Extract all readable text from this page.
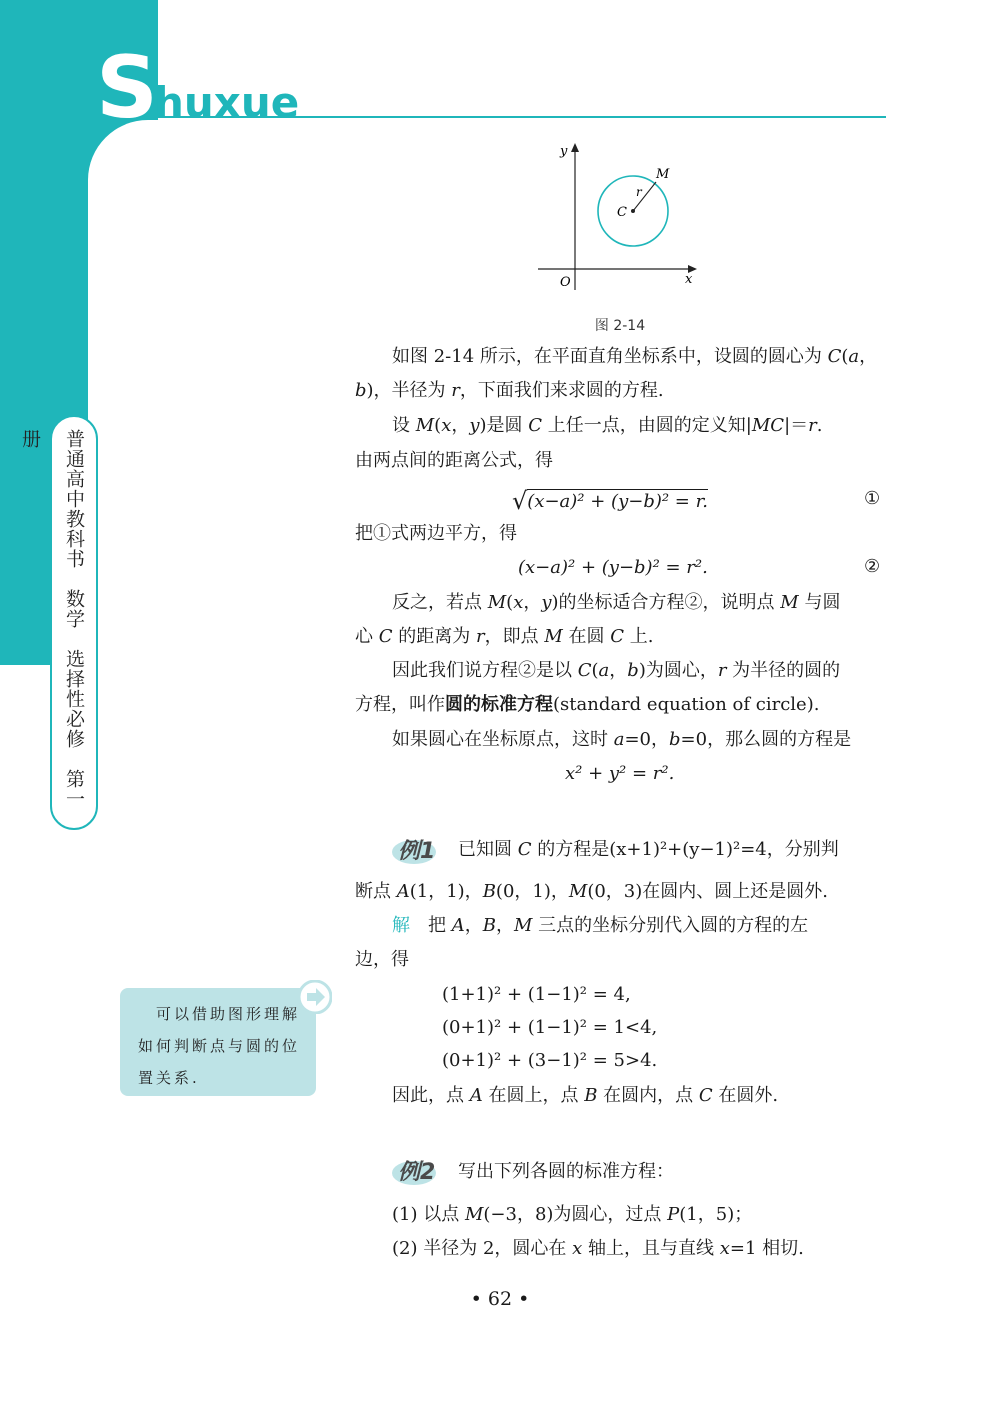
S
huxue
普通高中教科书　数学　选择性必修　第一册
y
x
O
C
r
M
图 2-14
如图 2-14 所示，在平面直角坐标系中，设圆的圆心为 C(a，
b)，半径为 r，下面我们来求圆的方程.
设 M(x，y)是圆 C 上任一点，由圆的定义知|MC|＝r.
由两点间的距离公式，得
√(x−a)² + (y−b)² = r.	①
把①式两边平方，得
(x−a)² + (y−b)² = r².	②
反之，若点 M(x，y)的坐标适合方程②，说明点 M 与圆
心 C 的距离为 r，即点 M 在圆 C 上.
因此我们说方程②是以 C(a，b)为圆心，r 为半径的圆的
方程，叫作圆的标准方程(standard equation of circle).
如果圆心在坐标原点，这时 a=0，b=0，那么圆的方程是
x² + y² = r².
例1 已知圆 C 的方程是(x+1)²+(y−1)²=4，分别判
断点 A(1，1)，B(0，1)，M(0，3)在圆内、圆上还是圆外.
解　 把 A，B，M 三点的坐标分别代入圆的方程的左
边，得
(1+1)² + (1−1)² = 4,
(0+1)² + (1−1)² = 1<4,
(0+1)² + (3−1)² = 5>4.
因此，点 A 在圆上，点 B 在圆内，点 C 在圆外.
　可以借助图形理解如何判断点与圆的位置关系.
例2 写出下列各圆的标准方程：
(1) 以点 M(−3，8)为圆心，过点 P(1，5)；
(2) 半径为 2，圆心在 x 轴上，且与直线 x=1 相切.
• 62 •
